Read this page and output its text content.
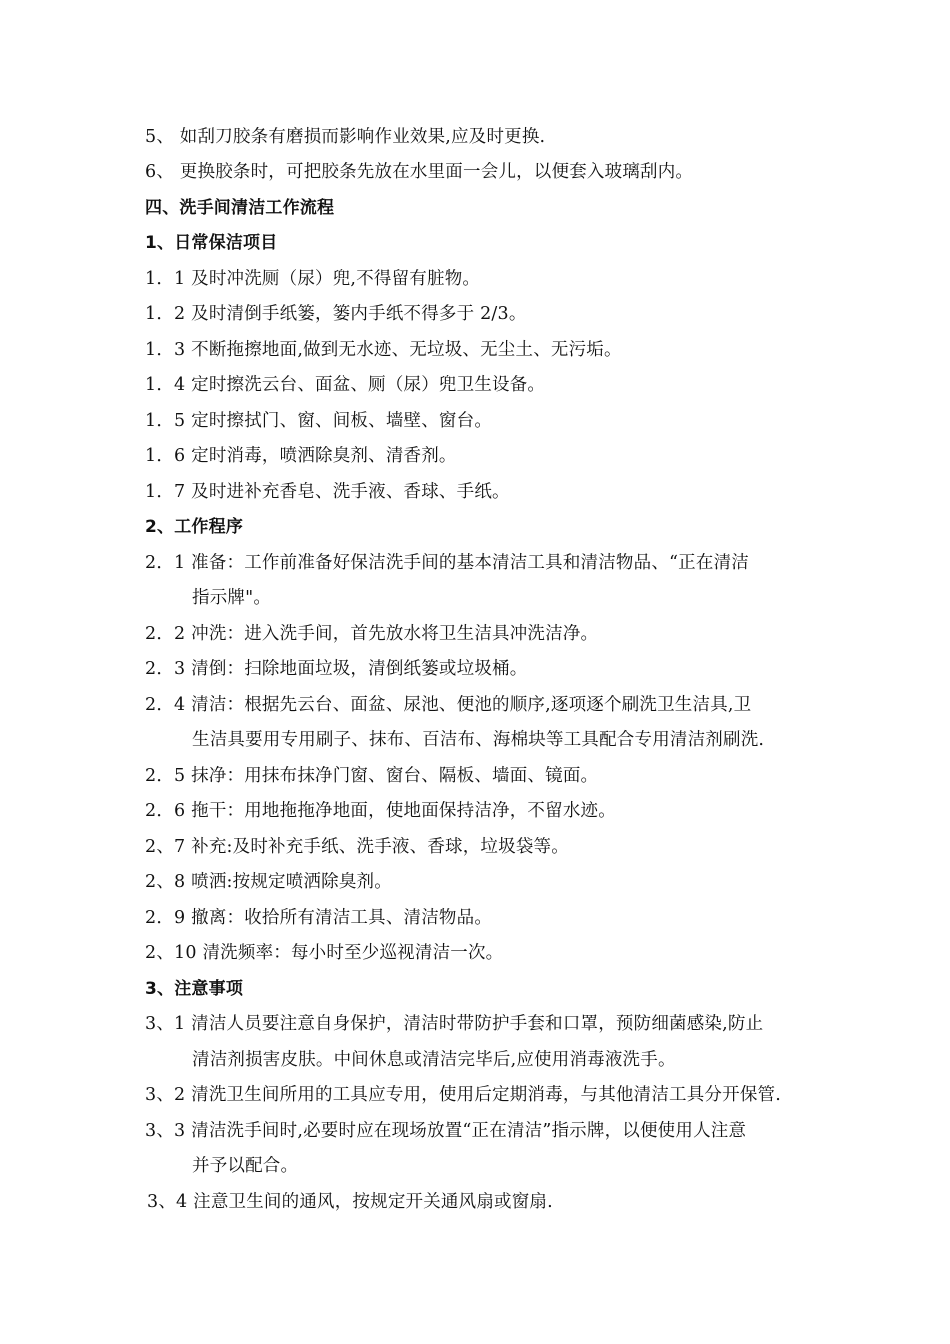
5、 如刮刀胶条有磨损而影响作业效果,应及时更换.
6、 更换胶条时，可把胶条先放在水里面一会儿，以便套入玻璃刮内。
四、洗手间清洁工作流程
1、日常保洁项目
1．1 及时冲洗厕（尿）兜,不得留有脏物。
1．2 及时清倒手纸篓，篓内手纸不得多于 2/3。
1．3 不断拖擦地面,做到无水迹、无垃圾、无尘土、无污垢。
1．4 定时擦洗云台、面盆、厕（尿）兜卫生设备。
1．5 定时擦拭门、窗、间板、墙壁、窗台。
1．6 定时消毒，喷洒除臭剂、清香剂。
1．7 及时进补充香皂、洗手液、香球、手纸。
2、工作程序
2．1 准备：工作前准备好保洁洗手间的基本清洁工具和清洁物品、“正在清洁
指示牌"。
2．2 冲洗：进入洗手间，首先放水将卫生洁具冲洗洁净。
2．3 清倒：扫除地面垃圾，清倒纸篓或垃圾桶。
2．4 清洁：根据先云台、面盆、尿池、便池的顺序,逐项逐个刷洗卫生洁具,卫
生洁具要用专用刷子、抹布、百洁布、海棉块等工具配合专用清洁剂刷洗.
2．5 抹净：用抹布抹净门窗、窗台、隔板、墙面、镜面。
2．6 拖干：用地拖拖净地面，使地面保持洁净，不留水迹。
2、7 补充:及时补充手纸、洗手液、香球，垃圾袋等。
2、8 喷洒:按规定喷洒除臭剂。
2．9 撤离：收拾所有清洁工具、清洁物品。
2、10 清洗频率：每小时至少巡视清洁一次。
3、注意事项
3、1 清洁人员要注意自身保护，清洁时带防护手套和口罩，预防细菌感染,防止
清洁剂损害皮肤。中间休息或清洁完毕后,应使用消毒液洗手。
3、2 清洗卫生间所用的工具应专用，使用后定期消毒，与其他清洁工具分开保管.
3、3 清洁洗手间时,必要时应在现场放置“正在清洁”指示牌，以便使用人注意
并予以配合。
3、4 注意卫生间的通风，按规定开关通风扇或窗扇.
